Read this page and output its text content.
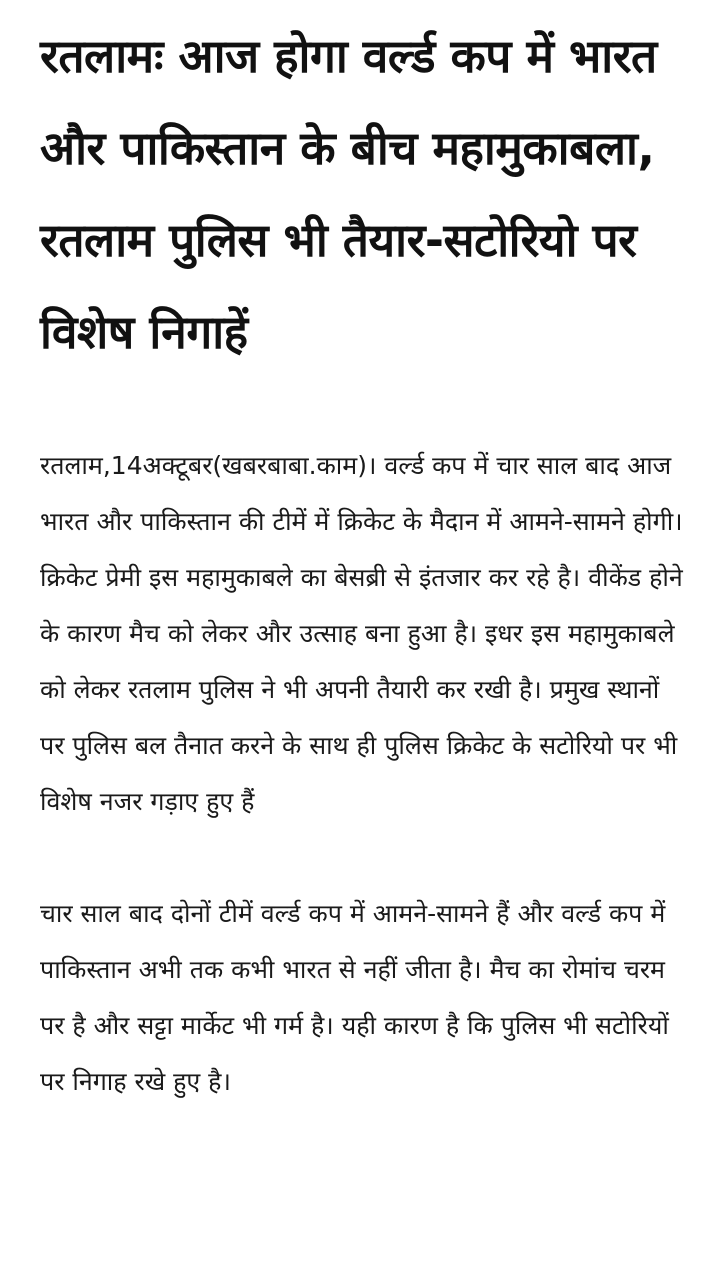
रतलामः आज होगा वर्ल्ड कप में भारत और पाकिस्तान के बीच महामुकाबला, रतलाम पुलिस भी तैयार-सटोरियो पर विशेष निगाहें

रतलाम,14अक्टूबर(खबरबाबा.काम)। वर्ल्ड कप में चार साल बाद आज भारत और पाकिस्तान की टीमें में क्रिकेट के मैदान में आमने-सामने होगी। क्रिकेट प्रेमी इस महामुकाबले का बेसब्री से इंतजार कर रहे है। वीकेंड होने के कारण मैच को लेकर और उत्साह बना हुआ है। इधर इस महामुकाबले को लेकर रतलाम पुलिस ने भी अपनी तैयारी कर रखी है। प्रमुख स्थानों पर पुलिस बल तैनात करने के साथ ही पुलिस क्रिकेट के सटोरियो पर भी विशेष नजर गड़ाए हुए हैं

चार साल बाद दोनों टीमें वर्ल्ड कप में आमने-सामने हैं और वर्ल्ड कप में पाकिस्तान अभी तक कभी भारत से नहीं जीता है। मैच का रोमांच चरम पर है और सट्टा मार्केट भी गर्म है। यही कारण है कि पुलिस भी सटोरियों पर निगाह रखे हुए है।
